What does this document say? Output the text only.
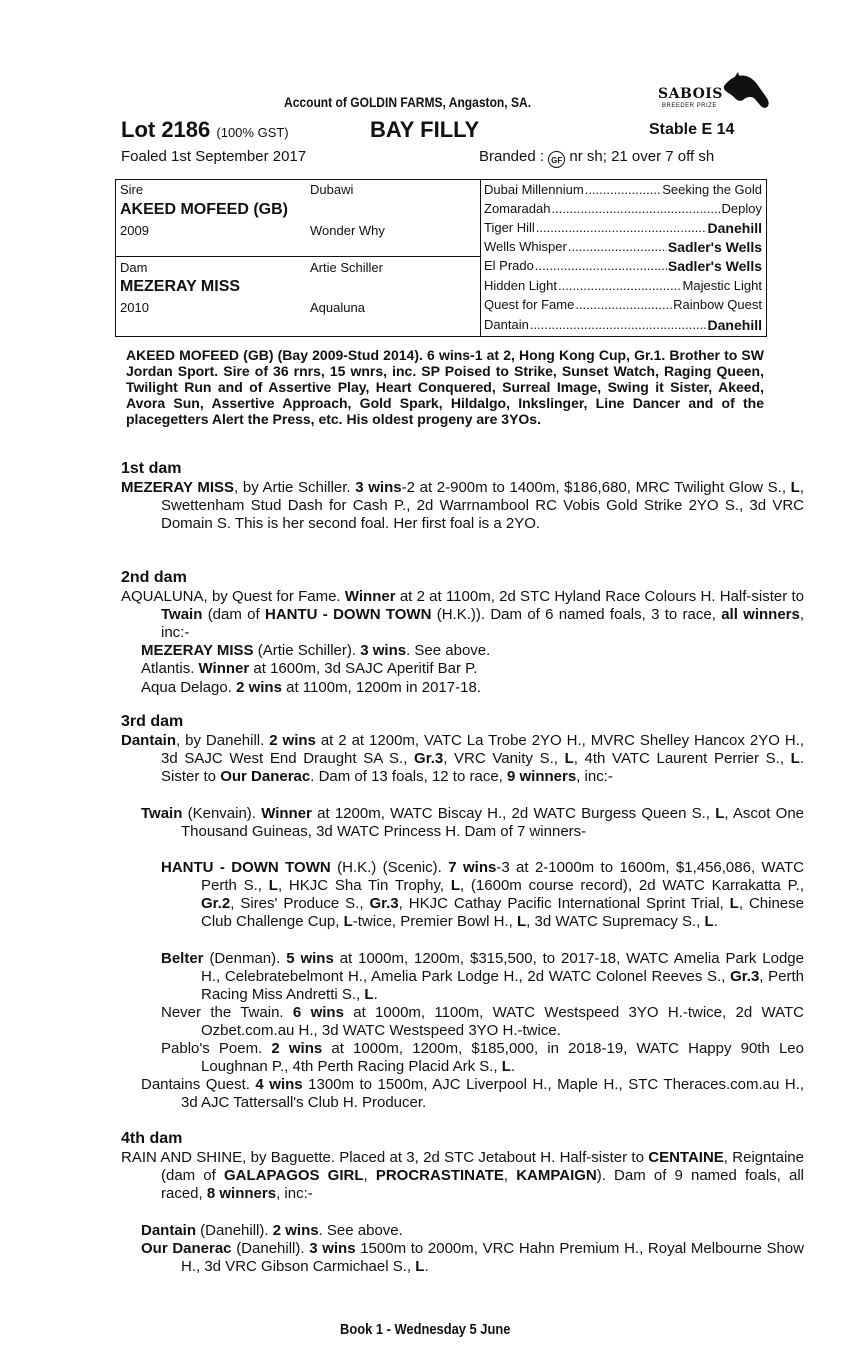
Account of GOLDIN FARMS, Angaston, SA.	SABOIS
BREEDER PRIZE
Lot 2186 (100% GST)	BAY FILLY	Stable E 14
Foaled 1st September 2017	Branded : GF nr sh; 21 over 7 off sh
Sire	Dubawi
AKEED MOFEED (GB)
2009	Wonder Why
Dam	Artie Schiller
MEZERAY MISS
2010	Aqualuna
Dubai Millennium .....	Seeking the Gold
Zomaradah .....	Deploy
Tiger Hill .....	Danehill
Wells Whisper .....	Sadler's Wells
El Prado .....	Sadler's Wells
Hidden Light .....	Majestic Light
Quest for Fame .....	Rainbow Quest
Dantain .....	Danehill
AKEED MOFEED (GB) (Bay 2009-Stud 2014). 6 wins-1 at 2, Hong Kong Cup, Gr.1. Brother to SW Jordan Sport. Sire of 36 rnrs, 15 wnrs, inc. SP Poised to Strike, Sunset Watch, Raging Queen, Twilight Run and of Assertive Play, Heart Conquered, Surreal Image, Swing it Sister, Akeed, Avora Sun, Assertive Approach, Gold Spark, Hildalgo, Inkslinger, Line Dancer and of the placegetters Alert the Press, etc. His oldest progeny are 3YOs.
1st dam
MEZERAY MISS, by Artie Schiller. 3 wins-2 at 2-900m to 1400m, $186,680, MRC Twilight Glow S., L, Swettenham Stud Dash for Cash P., 2d Warrnambool RC Vobis Gold Strike 2YO S., 3d VRC Domain S. This is her second foal. Her first foal is a 2YO.
2nd dam
AQUALUNA, by Quest for Fame. Winner at 2 at 1100m, 2d STC Hyland Race Colours H. Half-sister to Twain (dam of HANTU - DOWN TOWN (H.K.)). Dam of 6 named foals, 3 to race, all winners, inc:-
MEZERAY MISS (Artie Schiller). 3 wins. See above.
Atlantis. Winner at 1600m, 3d SAJC Aperitif Bar P.
Aqua Delago. 2 wins at 1100m, 1200m in 2017-18.
3rd dam
Dantain, by Danehill. 2 wins at 2 at 1200m, VATC La Trobe 2YO H., MVRC Shelley Hancox 2YO H., 3d SAJC West End Draught SA S., Gr.3, VRC Vanity S., L, 4th VATC Laurent Perrier S., L. Sister to Our Danerac. Dam of 13 foals, 12 to race, 9 winners, inc:-
Twain (Kenvain). Winner at 1200m, WATC Biscay H., 2d WATC Burgess Queen S., L, Ascot One Thousand Guineas, 3d WATC Princess H. Dam of 7 winners-
HANTU - DOWN TOWN (H.K.) (Scenic). 7 wins-3 at 2-1000m to 1600m, $1,456,086, WATC Perth S., L, HKJC Sha Tin Trophy, L, (1600m course record), 2d WATC Karrakatta P., Gr.2, Sires' Produce S., Gr.3, HKJC Cathay Pacific International Sprint Trial, L, Chinese Club Challenge Cup, L-twice, Premier Bowl H., L, 3d WATC Supremacy S., L.
Belter (Denman). 5 wins at 1000m, 1200m, $315,500, to 2017-18, WATC Amelia Park Lodge H., Celebratebelmont H., Amelia Park Lodge H., 2d WATC Colonel Reeves S., Gr.3, Perth Racing Miss Andretti S., L.
Never the Twain. 6 wins at 1000m, 1100m, WATC Westspeed 3YO H.-twice, 2d WATC Ozbet.com.au H., 3d WATC Westspeed 3YO H.-twice.
Pablo's Poem. 2 wins at 1000m, 1200m, $185,000, in 2018-19, WATC Happy 90th Leo Loughnan P., 4th Perth Racing Placid Ark S., L.
Dantains Quest. 4 wins 1300m to 1500m, AJC Liverpool H., Maple H., STC Theraces.com.au H., 3d AJC Tattersall's Club H. Producer.
4th dam
RAIN AND SHINE, by Baguette. Placed at 3, 2d STC Jetabout H. Half-sister to CENTAINE, Reigntaine (dam of GALAPAGOS GIRL, PROCRASTINATE, KAMPAIGN). Dam of 9 named foals, all raced, 8 winners, inc:-
Dantain (Danehill). 2 wins. See above.
Our Danerac (Danehill). 3 wins 1500m to 2000m, VRC Hahn Premium H., Royal Melbourne Show H., 3d VRC Gibson Carmichael S., L.
Book 1 - Wednesday 5 June
